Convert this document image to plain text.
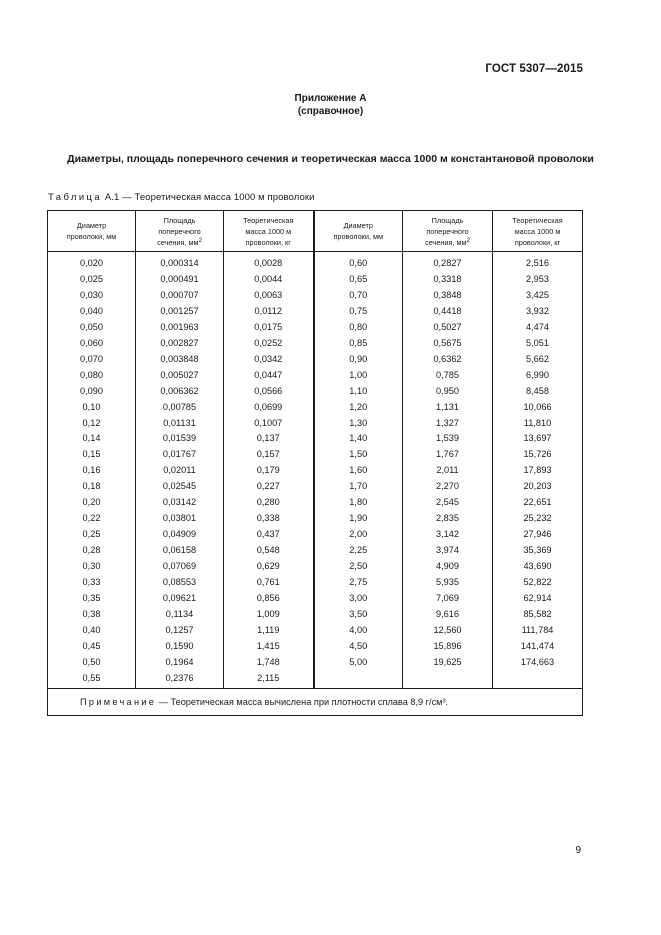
ГОСТ 5307—2015
Приложение А
(справочное)
Диаметры, площадь поперечного сечения и теоретическая масса 1000 м константановой проволоки
Таблица А.1 — Теоретическая масса 1000 м проволоки
Диаметр
проволоки, мм	Площадь
поперечного
сечения, $мм^2$	Теоретическая
масса 1000 м
проволоки, кг	Диаметр
проволоки, мм	Площадь
поперечного
сечения, $мм^2$	Теоретическая
масса 1000 м
проволоки, кг
0,020	0,000314	0,0028	0,60	0,2827	2,516
0,025	0,000491	0,0044	0,65	0,3318	2,953
0,030	0,000707	0,0063	0,70	0,3848	3,425
0,040	0,001257	0,0112	0,75	0,4418	3,932
0,050	0,001963	0,0175	0,80	0,5027	4,474
0,060	0,002827	0,0252	0,85	0,5675	5,051
0,070	0,003848	0,0342	0,90	0,6362	5,662
0,080	0,005027	0,0447	1,00	0,785	6,990
0,090	0,006362	0,0566	1,10	0,950	8,458
0,10	0,00785	0,0699	1,20	1,131	10,066
0,12	0,01131	0,1007	1,30	1,327	11,810
0,14	0,01539	0,137	1,40	1,539	13,697
0,15	0,01767	0,157	1,50	1,767	15,726
0,16	0,02011	0,179	1,60	2,011	17,893
0,18	0,02545	0,227	1,70	2,270	20,203
0,20	0,03142	0,280	1,80	2,545	22,651
0,22	0,03801	0,338	1,90	2,835	25,232
0,25	0,04909	0,437	2,00	3,142	27,946
0,28	0,06158	0,548	2,25	3,974	35,369
0,30	0,07069	0,629	2,50	4,909	43,690
0,33	0,08553	0,761	2,75	5,935	52,822
0,35	0,09621	0,856	3,00	7,069	62,914
0,38	0,1134	1,009	3,50	9,616	85,582
0,40	0,1257	1,119	4,00	12,560	111,784
0,45	0,1590	1,415	4,50	15,896	141,474
0,50	0,1964	1,748	5,00	19,625	174,663
0,55	0,2376	2,115			
Примечание — Теоретическая масса вычислена при плотности сплава 8,9 г/см³.					
9
